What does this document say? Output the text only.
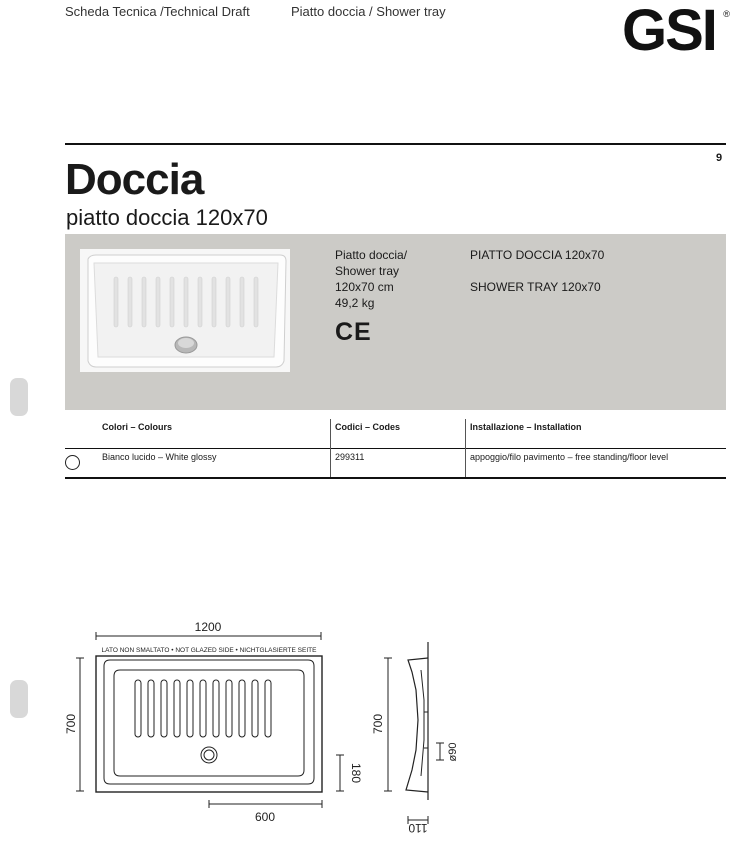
Scheda Tecnica /Technical Draft	Piatto doccia / Shower tray	GSI ®
9
Doccia
piatto doccia 120x70
Piatto doccia/
Shower tray
120x70 cm
49,2 kg
CE
PIATTO DOCCIA 120x70
SHOWER TRAY 120x70
Colori – Colours	Codici – Codes	Installazione – Installation
Bianco lucido – White glossy	299311	appoggio/filo pavimento – free standing/floor level
1200
LATO NON SMALTATO • NOT GLAZED SIDE • NICHTGLASIERTE SEITE
700
180
600
700
ø90
110
